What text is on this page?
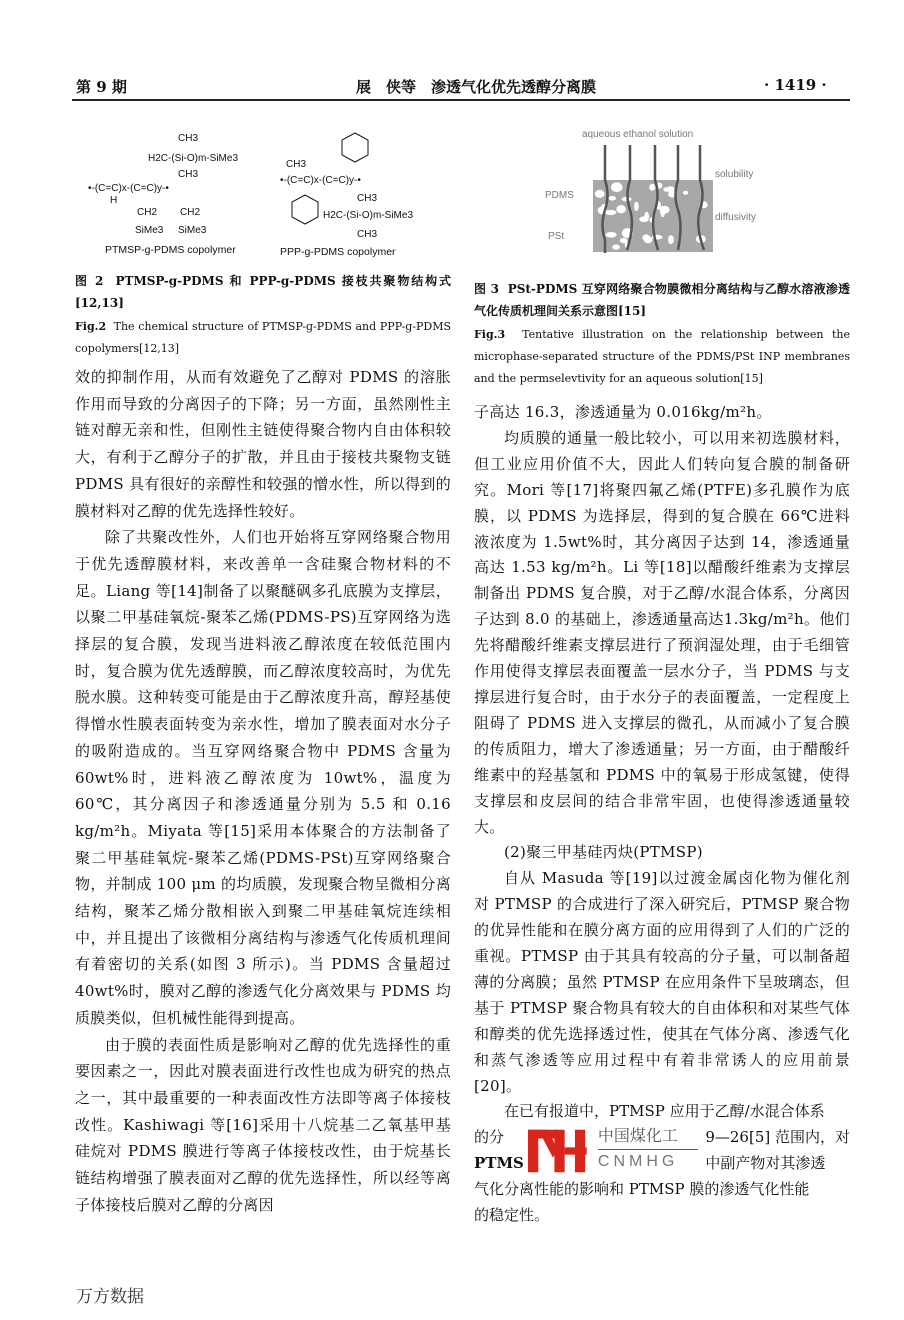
第 9 期	展　侠等　渗透气化优先透醇分离膜	· 1419 ·
CH3
H2C-(Si-O)m-SiMe3
CH3
•-(C=C)x-(C=C)y-•
H
CH2 CH2
SiMe3 SiMe3
PTMSP-g-PDMS copolymer
CH3
•-(C=C)x-(C=C)y-•
CH3
H2C-(Si-O)m-SiMe3
CH3
PPP-g-PDMS copolymer
aqueous ethanol solution
solubility
diffusivity
PDMS
PSt
图 2 PTMSP-g-PDMS 和 PPP-g-PDMS 接枝共聚物结构式[12,13]
Fig.2 The chemical structure of PTMSP-g-PDMS and PPP-g-PDMS copolymers[12,13]

效的抑制作用，从而有效避免了乙醇对 PDMS 的溶胀作用而导致的分离因子的下降；另一方面，虽然刚性主链对醇无亲和性，但刚性主链使得聚合物内自由体积较大，有利于乙醇分子的扩散，并且由于接枝共聚物支链 PDMS 具有很好的亲醇性和较强的憎水性，所以得到的膜材料对乙醇的优先选择性较好。

除了共聚改性外，人们也开始将互穿网络聚合物用于优先透醇膜材料，来改善单一含硅聚合物材料的不足。Liang 等[14]制备了以聚醚砜多孔底膜为支撑层，以聚二甲基硅氧烷-聚苯乙烯(PDMS-PS)互穿网络为选择层的复合膜，发现当进料液乙醇浓度在较低范围内时，复合膜为优先透醇膜，而乙醇浓度较高时，为优先脱水膜。这种转变可能是由于乙醇浓度升高，醇羟基使得憎水性膜表面转变为亲水性，增加了膜表面对水分子的吸附造成的。当互穿网络聚合物中 PDMS 含量为 60wt%时，进料液乙醇浓度为 10wt%，温度为 60℃，其分离因子和渗透通量分别为 5.5 和 0.16 kg/m²h。Miyata 等[15]采用本体聚合的方法制备了聚二甲基硅氧烷-聚苯乙烯(PDMS-PSt)互穿网络聚合物，并制成 100 μm 的均质膜，发现聚合物呈微相分离结构，聚苯乙烯分散相嵌入到聚二甲基硅氧烷连续相中，并且提出了该微相分离结构与渗透气化传质机理间有着密切的关系(如图 3 所示)。当 PDMS 含量超过 40wt%时，膜对乙醇的渗透气化分离效果与 PDMS 均质膜类似，但机械性能得到提高。

由于膜的表面性质是影响对乙醇的优先选择性的重要因素之一，因此对膜表面进行改性也成为研究的热点之一，其中最重要的一种表面改性方法即等离子体接枝改性。Kashiwagi 等[16]采用十八烷基二乙氧基甲基硅烷对 PDMS 膜进行等离子体接枝改性，由于烷基长链结构增强了膜表面对乙醇的优先选择性，所以经等离子体接枝后膜对乙醇的分离因

图 3 PSt-PDMS 互穿网络聚合物膜微相分离结构与乙醇水溶液渗透气化传质机理间关系示意图[15]
Fig.3 Tentative illustration on the relationship between the microphase-separated structure of the PDMS/PSt INP membranes and the permselevtivity for an aqueous solution[15]

子高达 16.3，渗透通量为 0.016kg/m²h。

均质膜的通量一般比较小，可以用来初选膜材料，但工业应用价值不大，因此人们转向复合膜的制备研究。Mori 等[17]将聚四氟乙烯(PTFE)多孔膜作为底膜，以 PDMS 为选择层，得到的复合膜在 66℃进料液浓度为 1.5wt%时，其分离因子达到 14，渗透通量高达 1.53 kg/m²h。Li 等[18]以醋酸纤维素为支撑层制备出 PDMS 复合膜，对于乙醇/水混合体系，分离因子达到 8.0 的基础上，渗透通量高达1.3kg/m²h。他们先将醋酸纤维素支撑层进行了预润湿处理，由于毛细管作用使得支撑层表面覆盖一层水分子，当 PDMS 与支撑层进行复合时，由于水分子的表面覆盖，一定程度上阻碍了 PDMS 进入支撑层的微孔，从而减小了复合膜的传质阻力，增大了渗透通量；另一方面，由于醋酸纤维素中的羟基氢和 PDMS 中的氧易于形成氢键，使得支撑层和皮层间的结合非常牢固，也使得渗透通量较大。

(2)聚三甲基硅丙炔(PTMSP)

自从 Masuda 等[19]以过渡金属卤化物为催化剂对 PTMSP 的合成进行了深入研究后，PTMSP 聚合物的优异性能和在膜分离方面的应用得到了人们的广泛的重视。PTMSP 由于其具有较高的分子量，可以制备超薄的分离膜；虽然 PTMSP 在应用条件下呈玻璃态，但基于 PTMSP 聚合物具有较大的自由体积和对某些气体和醇类的优先选择透过性，使其在气体分离、渗透气化和蒸气渗透等应用过程中有着非常诱人的应用前景[20]。

在已有报道中，PTMSP 应用于乙醇/水混合体系
的分	9—26[5] 范围内，对
PTMS	中副产物对其渗透
中国煤化工
CNMHG
气化分离性能的影响和 PTMSP 膜的渗透气化性能
的稳定性。
万方数据
